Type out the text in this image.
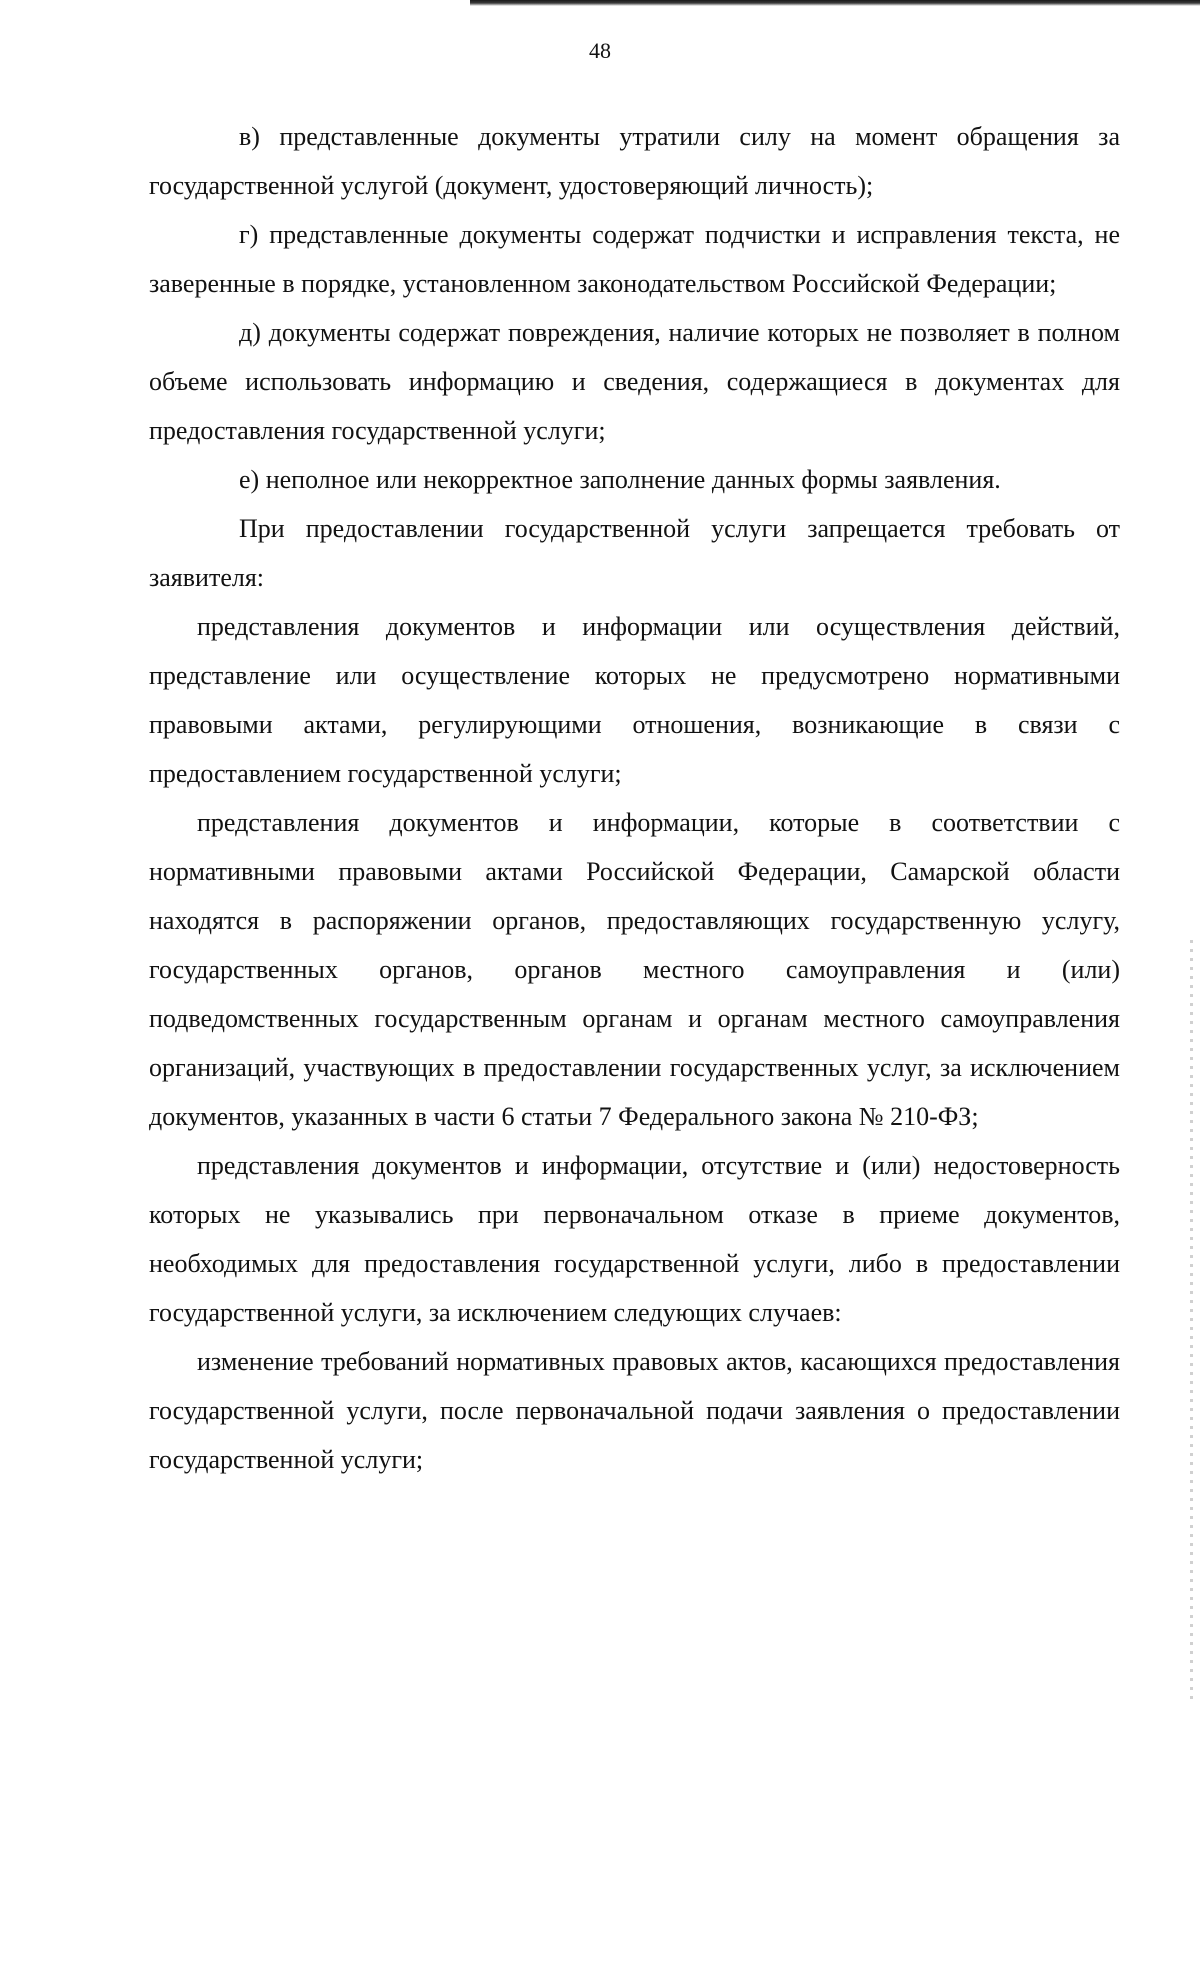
48

в) представленные документы утратили силу на момент обращения за государственной услугой (документ, удостоверяющий личность);

г) представленные документы содержат подчистки и исправления текста, не заверенные в порядке, установленном законодательством Российской Федерации;

д) документы содержат повреждения, наличие которых не позволяет в полном объеме использовать информацию и сведения, содержащиеся в документах для предоставления государственной услуги;

е) неполное или некорректное заполнение данных формы заявления.

При предоставлении государственной услуги запрещается требовать от заявителя:

представления документов и информации или осуществления действий, представление или осуществление которых не предусмотрено нормативными правовыми актами, регулирующими отношения, возникающие в связи с предоставлением государственной услуги;

представления документов и информации, которые в соответствии с нормативными правовыми актами Российской Федерации, Самарской области находятся в распоряжении органов, предоставляющих государственную услугу, государственных органов, органов местного самоуправления и (или) подведомственных государственным органам и органам местного самоуправления организаций, участвующих в предоставлении государственных услуг, за исключением документов, указанных в части 6 статьи 7 Федерального закона № 210-ФЗ;

представления документов и информации, отсутствие и (или) недостоверность которых не указывались при первоначальном отказе в приеме документов, необходимых для предоставления государственной услуги, либо в предоставлении государственной услуги, за исключением следующих случаев:

изменение требований нормативных правовых актов, касающихся предоставления государственной услуги, после первоначальной подачи заявления о предоставлении государственной услуги;
